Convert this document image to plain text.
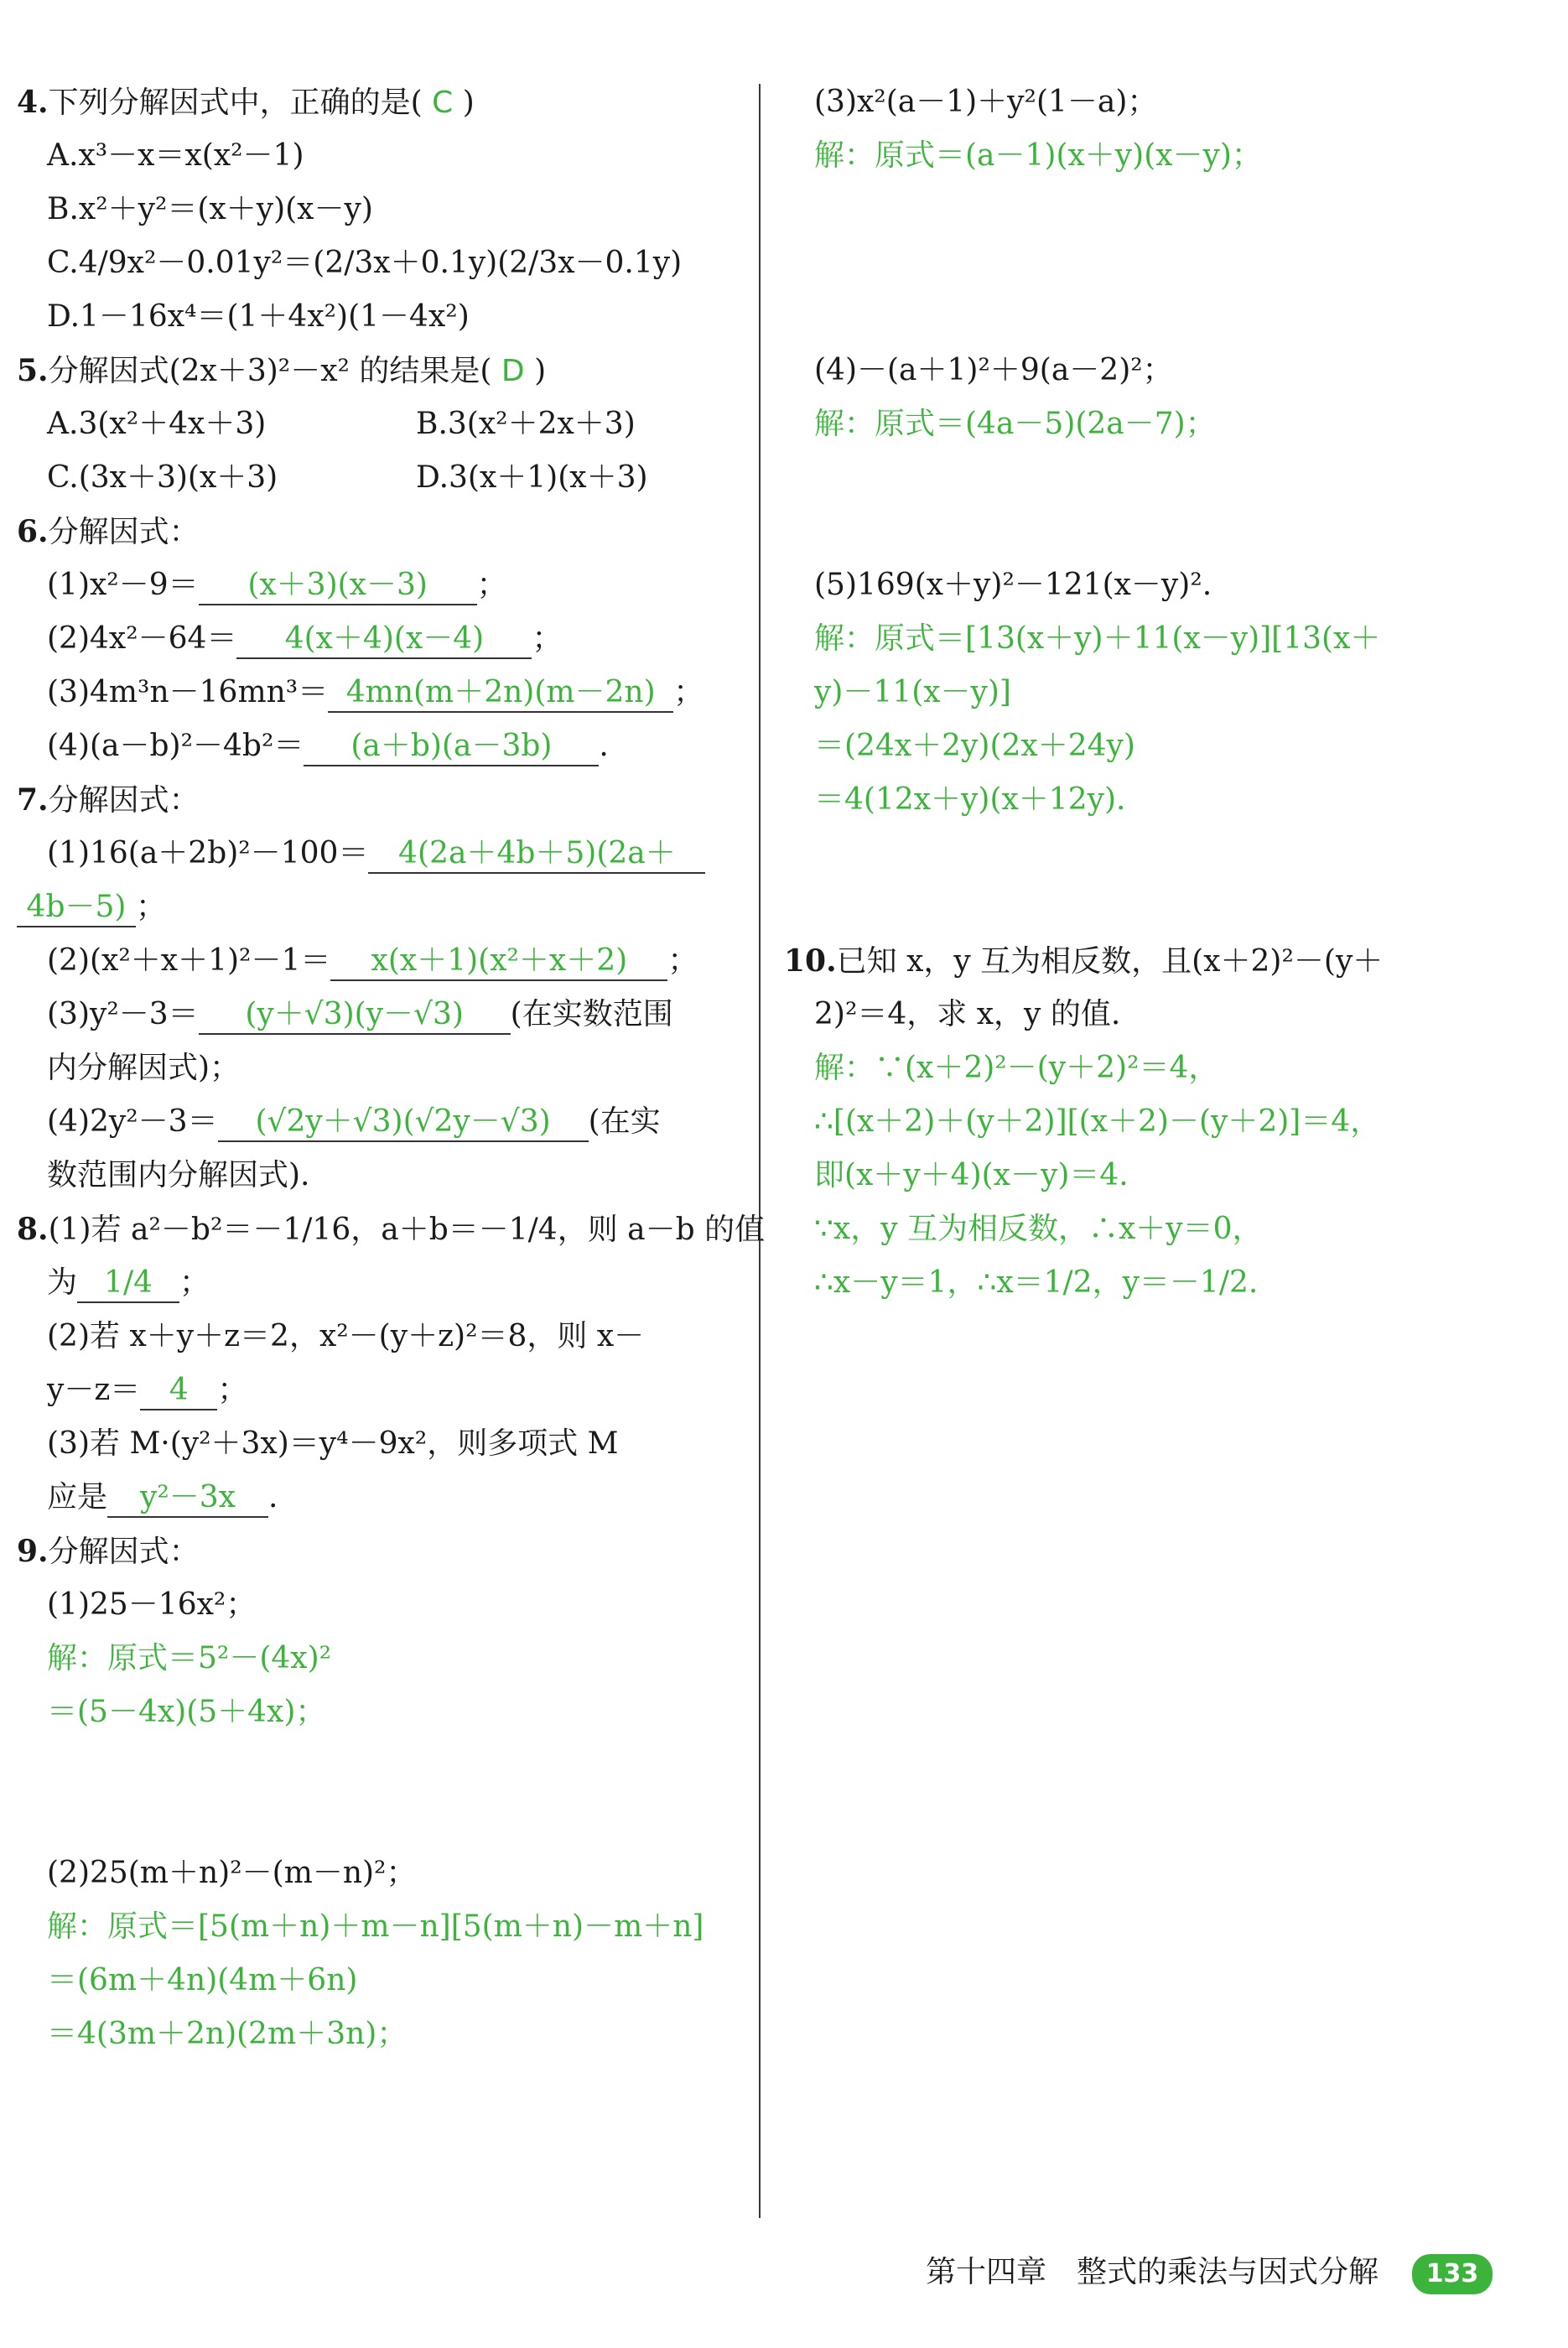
4.下列分解因式中，正确的是( C )
A.x³－x＝x(x²－1)
B.x²＋y²＝(x＋y)(x－y)
C.4/9x²－0.01y²＝(2/3x＋0.1y)(2/3x－0.1y)
D.1－16x⁴＝(1＋4x²)(1－4x²)
5.分解因式(2x＋3)²－x² 的结果是( D )
A.3(x²＋4x＋3)	B.3(x²＋2x＋3)
C.(3x＋3)(x＋3)	D.3(x＋1)(x＋3)
6.分解因式：
(1)x²－9＝ (x＋3)(x－3) ；
(2)4x²－64＝ 4(x＋4)(x－4) ；
(3)4m³n－16mn³＝ 4mn(m＋2n)(m－2n) ；
(4)(a－b)²－4b²＝ (a＋b)(a－3b) .
7.分解因式：
(1)16(a＋2b)²－100＝ 4(2a＋4b＋5)(2a＋
4b－5) ；
(2)(x²＋x＋1)²－1＝ x(x＋1)(x²＋x＋2) ；
(3)y²－3＝ (y＋√3)(y－√3) (在实数范围
内分解因式)；
(4)2y²－3＝ (√2y＋√3)(√2y－√3) (在实
数范围内分解因式).
8.(1)若 a²－b²＝－1/16，a＋b＝－1/4，则 a－b 的值
为 1/4 ；
(2)若 x＋y＋z＝2，x²－(y＋z)²＝8，则 x－
y－z＝ 4 ；
(3)若 M·(y²＋3x)＝y⁴－9x²，则多项式 M
应是 y²－3x .
9.分解因式：
(1)25－16x²；
解：原式＝5²－(4x)²
＝(5－4x)(5＋4x)；
(2)25(m＋n)²－(m－n)²；
解：原式＝[5(m＋n)＋m－n][5(m＋n)－m＋n]
＝(6m＋4n)(4m＋6n)
＝4(3m＋2n)(2m＋3n)；
(3)x²(a－1)＋y²(1－a)；
解：原式＝(a－1)(x＋y)(x－y)；
(4)－(a＋1)²＋9(a－2)²；
解：原式＝(4a－5)(2a－7)；
(5)169(x＋y)²－121(x－y)².
解：原式＝[13(x＋y)＋11(x－y)][13(x＋
y)－11(x－y)]
＝(24x＋2y)(2x＋24y)
＝4(12x＋y)(x＋12y).
10.已知 x，y 互为相反数，且(x＋2)²－(y＋
2)²＝4，求 x，y 的值.
解：∵(x＋2)²－(y＋2)²＝4，
∴[(x＋2)＋(y＋2)][(x＋2)－(y＋2)]＝4，
即(x＋y＋4)(x－y)＝4.
∵x，y 互为相反数，∴x＋y＝0，
∴x－y＝1，∴x＝1/2，y＝－1/2.
第十四章　整式的乘法与因式分解 133
